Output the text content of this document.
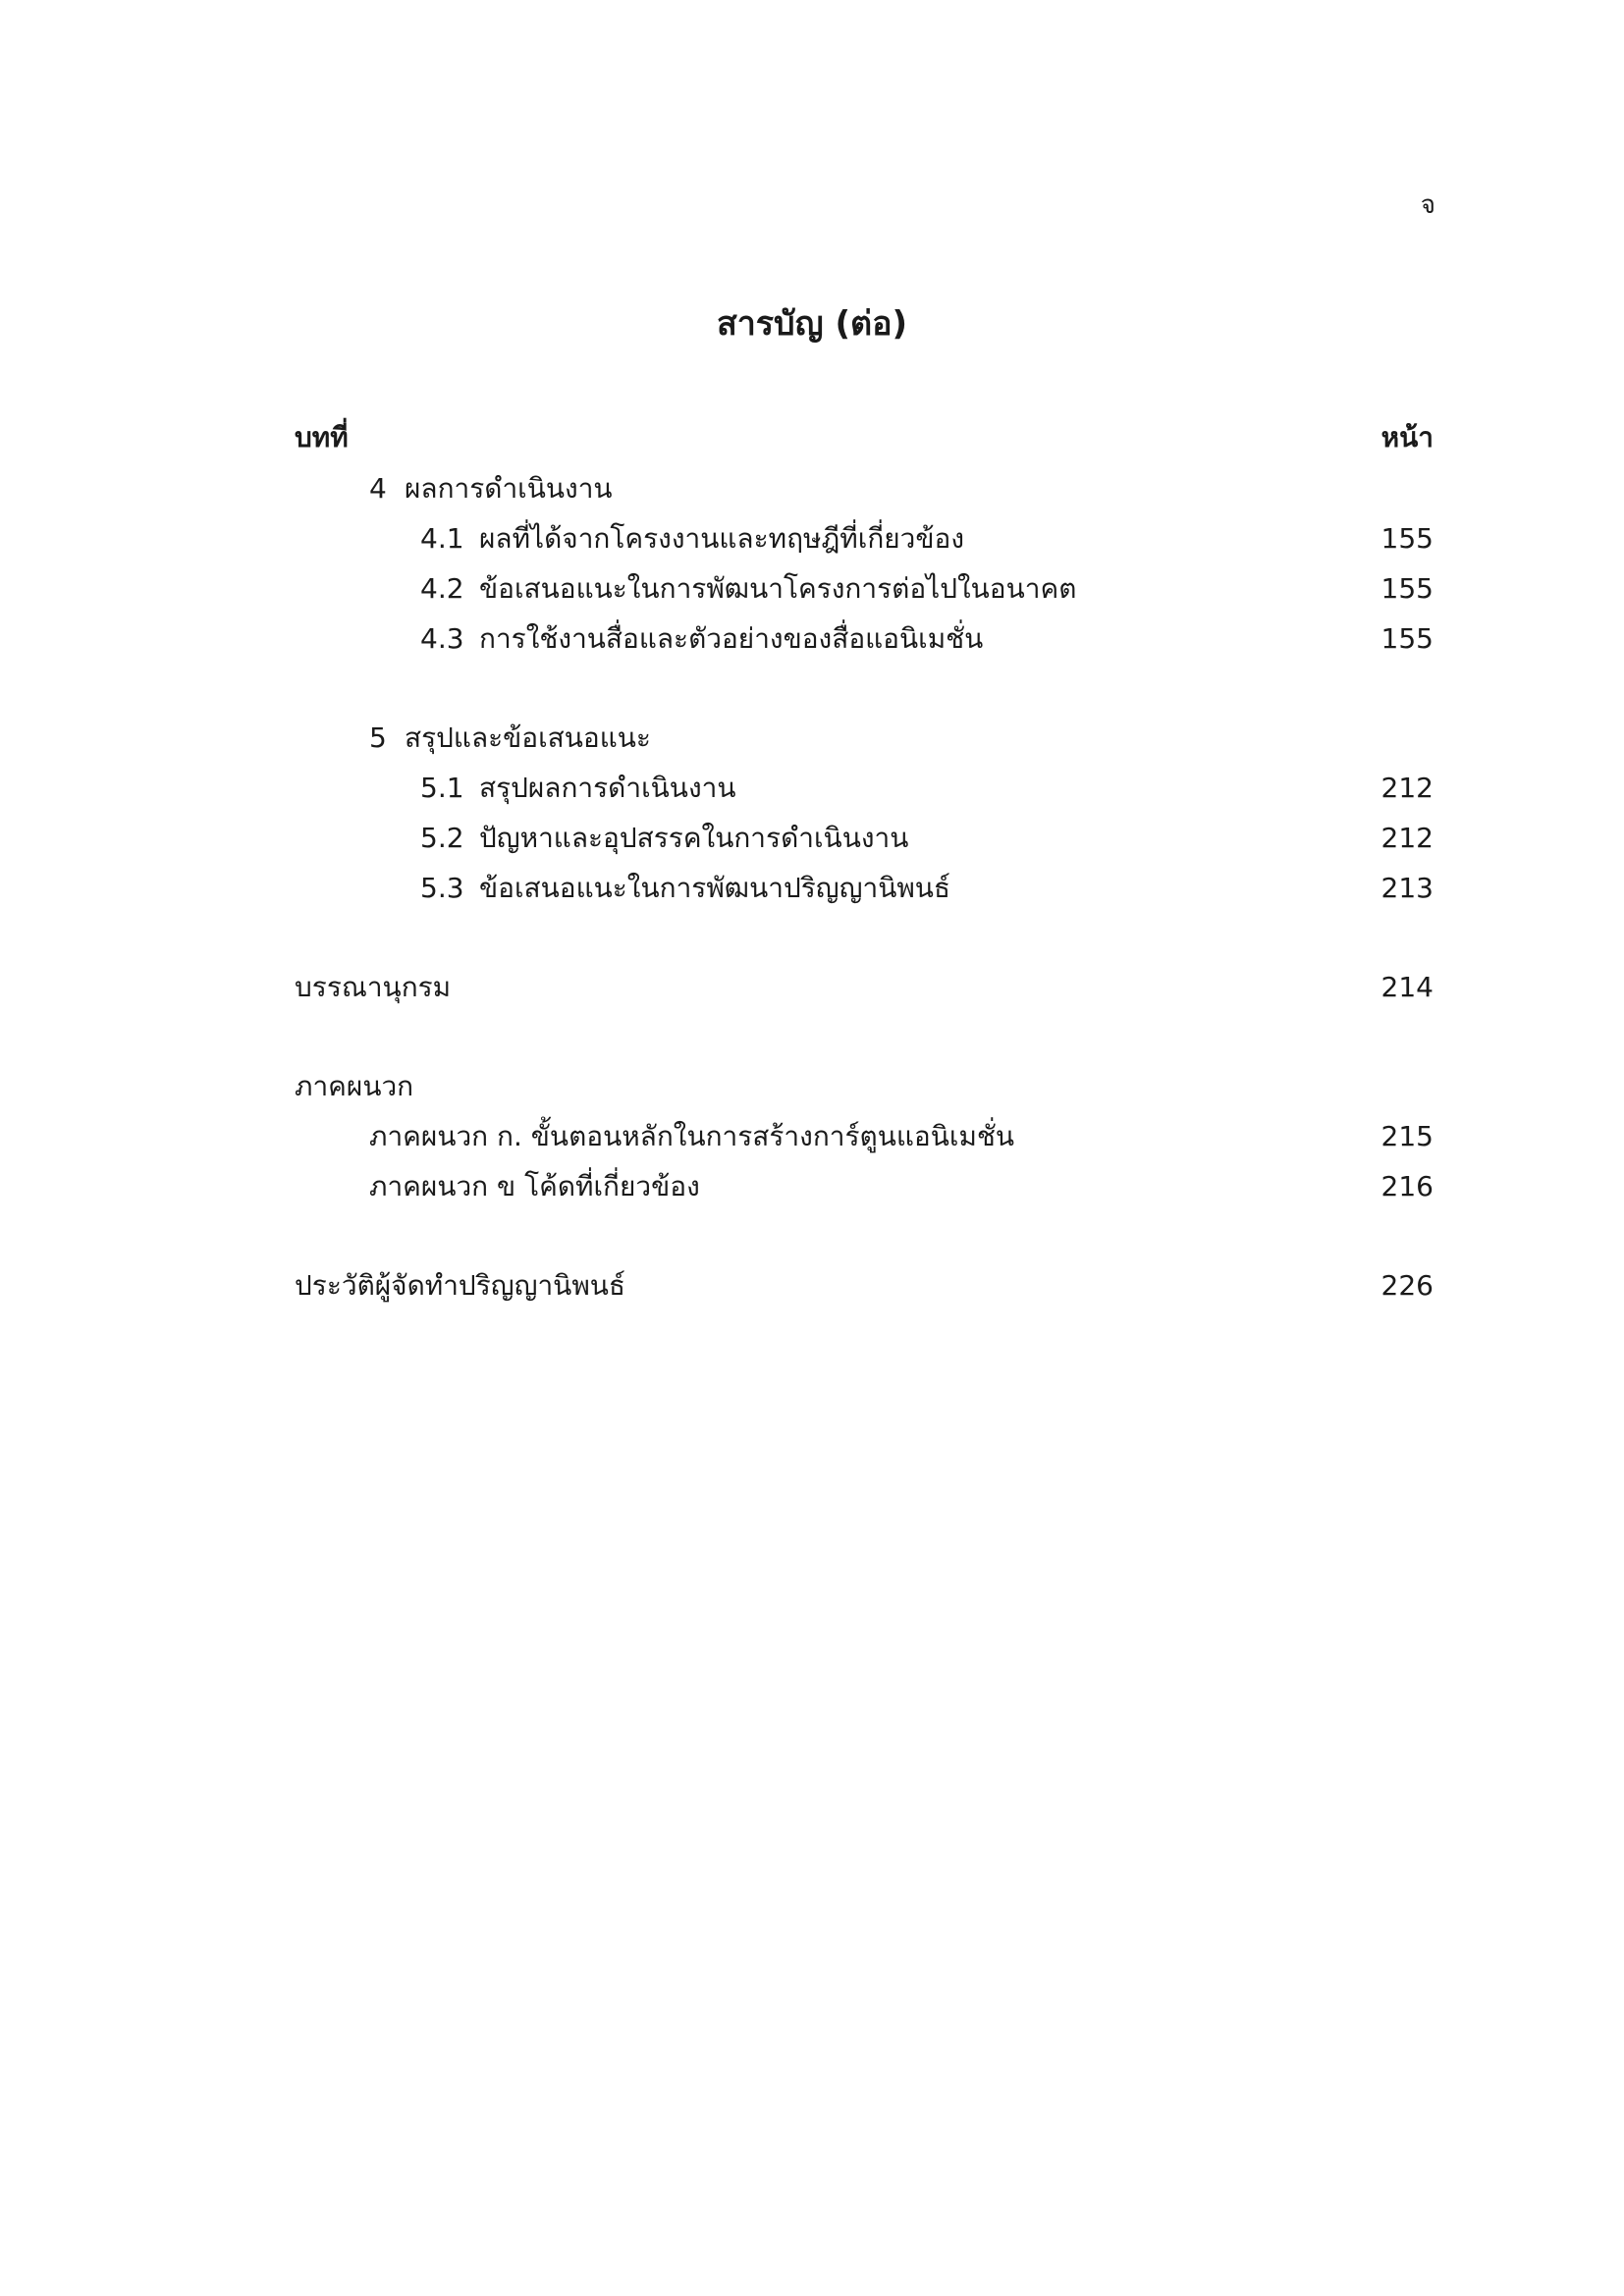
จ
สารบัญ (ต่อ)
บทที่	หน้า
4 ผลการดำเนินงาน
4.1 ผลที่ได้จากโครงงานและทฤษฎีที่เกี่ยวข้อง	155
4.2 ข้อเสนอแนะในการพัฒนาโครงการต่อไปในอนาคต	155
4.3 การใช้งานสื่อและตัวอย่างของสื่อแอนิเมชั่น	155
5 สรุปและข้อเสนอแนะ
5.1 สรุปผลการดำเนินงาน	212
5.2 ปัญหาและอุปสรรคในการดำเนินงาน	212
5.3 ข้อเสนอแนะในการพัฒนาปริญญานิพนธ์	213
บรรณานุกรม	214
ภาคผนวก
ภาคผนวก ก. ขั้นตอนหลักในการสร้างการ์ตูนแอนิเมชั่น	215
ภาคผนวก ข โค้ดที่เกี่ยวข้อง	216
ประวัติผู้จัดทำปริญญานิพนธ์	226
